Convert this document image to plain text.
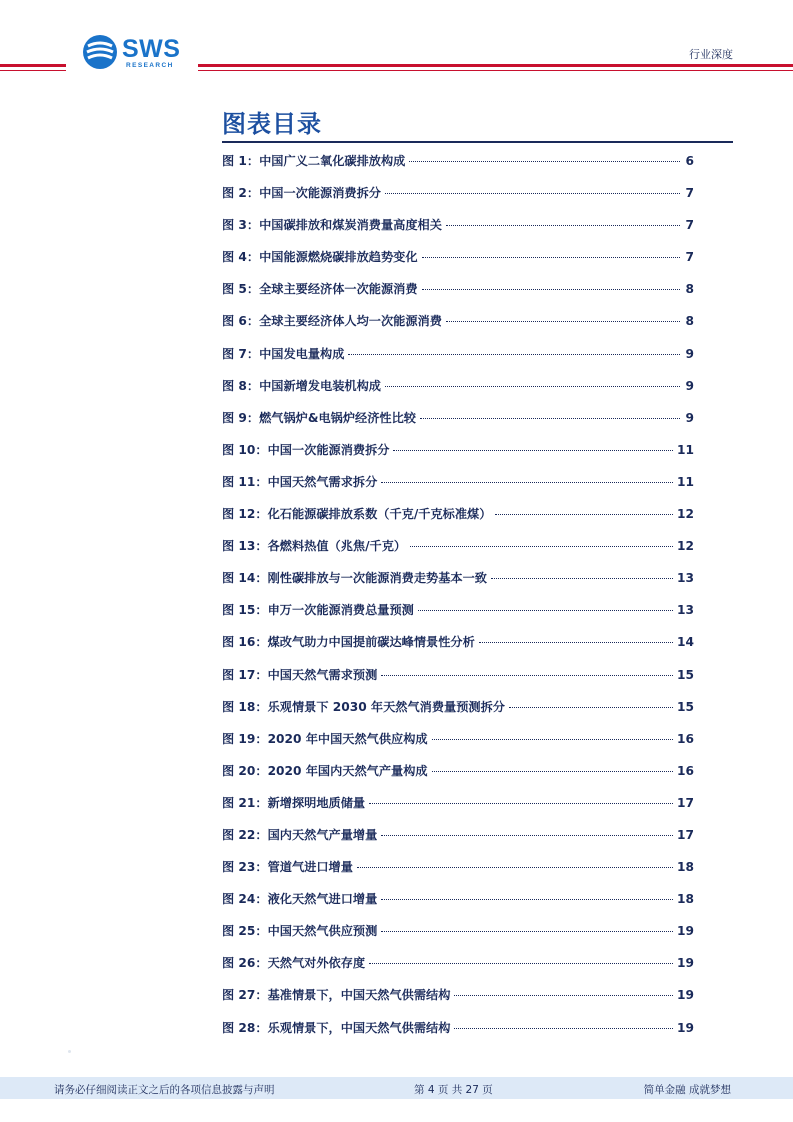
SWS
RESEARCH
行业深度
图表目录
图 1：中国广义二氧化碳排放构成	6
图 2：中国一次能源消费拆分	7
图 3：中国碳排放和煤炭消费量高度相关	7
图 4：中国能源燃烧碳排放趋势变化	7
图 5：全球主要经济体一次能源消费	8
图 6：全球主要经济体人均一次能源消费	8
图 7：中国发电量构成	9
图 8：中国新增发电装机构成	9
图 9：燃气锅炉&电锅炉经济性比较	9
图 10：中国一次能源消费拆分	11
图 11：中国天然气需求拆分	11
图 12：化石能源碳排放系数（千克/千克标准煤）	12
图 13：各燃料热值（兆焦/千克）	12
图 14：刚性碳排放与一次能源消费走势基本一致	13
图 15：申万一次能源消费总量预测	13
图 16：煤改气助力中国提前碳达峰情景性分析	14
图 17：中国天然气需求预测	15
图 18：乐观情景下 2030 年天然气消费量预测拆分	15
图 19：2020 年中国天然气供应构成	16
图 20：2020 年国内天然气产量构成	16
图 21：新增探明地质储量	17
图 22：国内天然气产量增量	17
图 23：管道气进口增量	18
图 24：液化天然气进口增量	18
图 25：中国天然气供应预测	19
图 26：天然气对外依存度	19
图 27：基准情景下，中国天然气供需结构	19
图 28：乐观情景下，中国天然气供需结构	19
请务必仔细阅读正文之后的各项信息披露与声明	第 4 页 共 27 页	简单金融 成就梦想
